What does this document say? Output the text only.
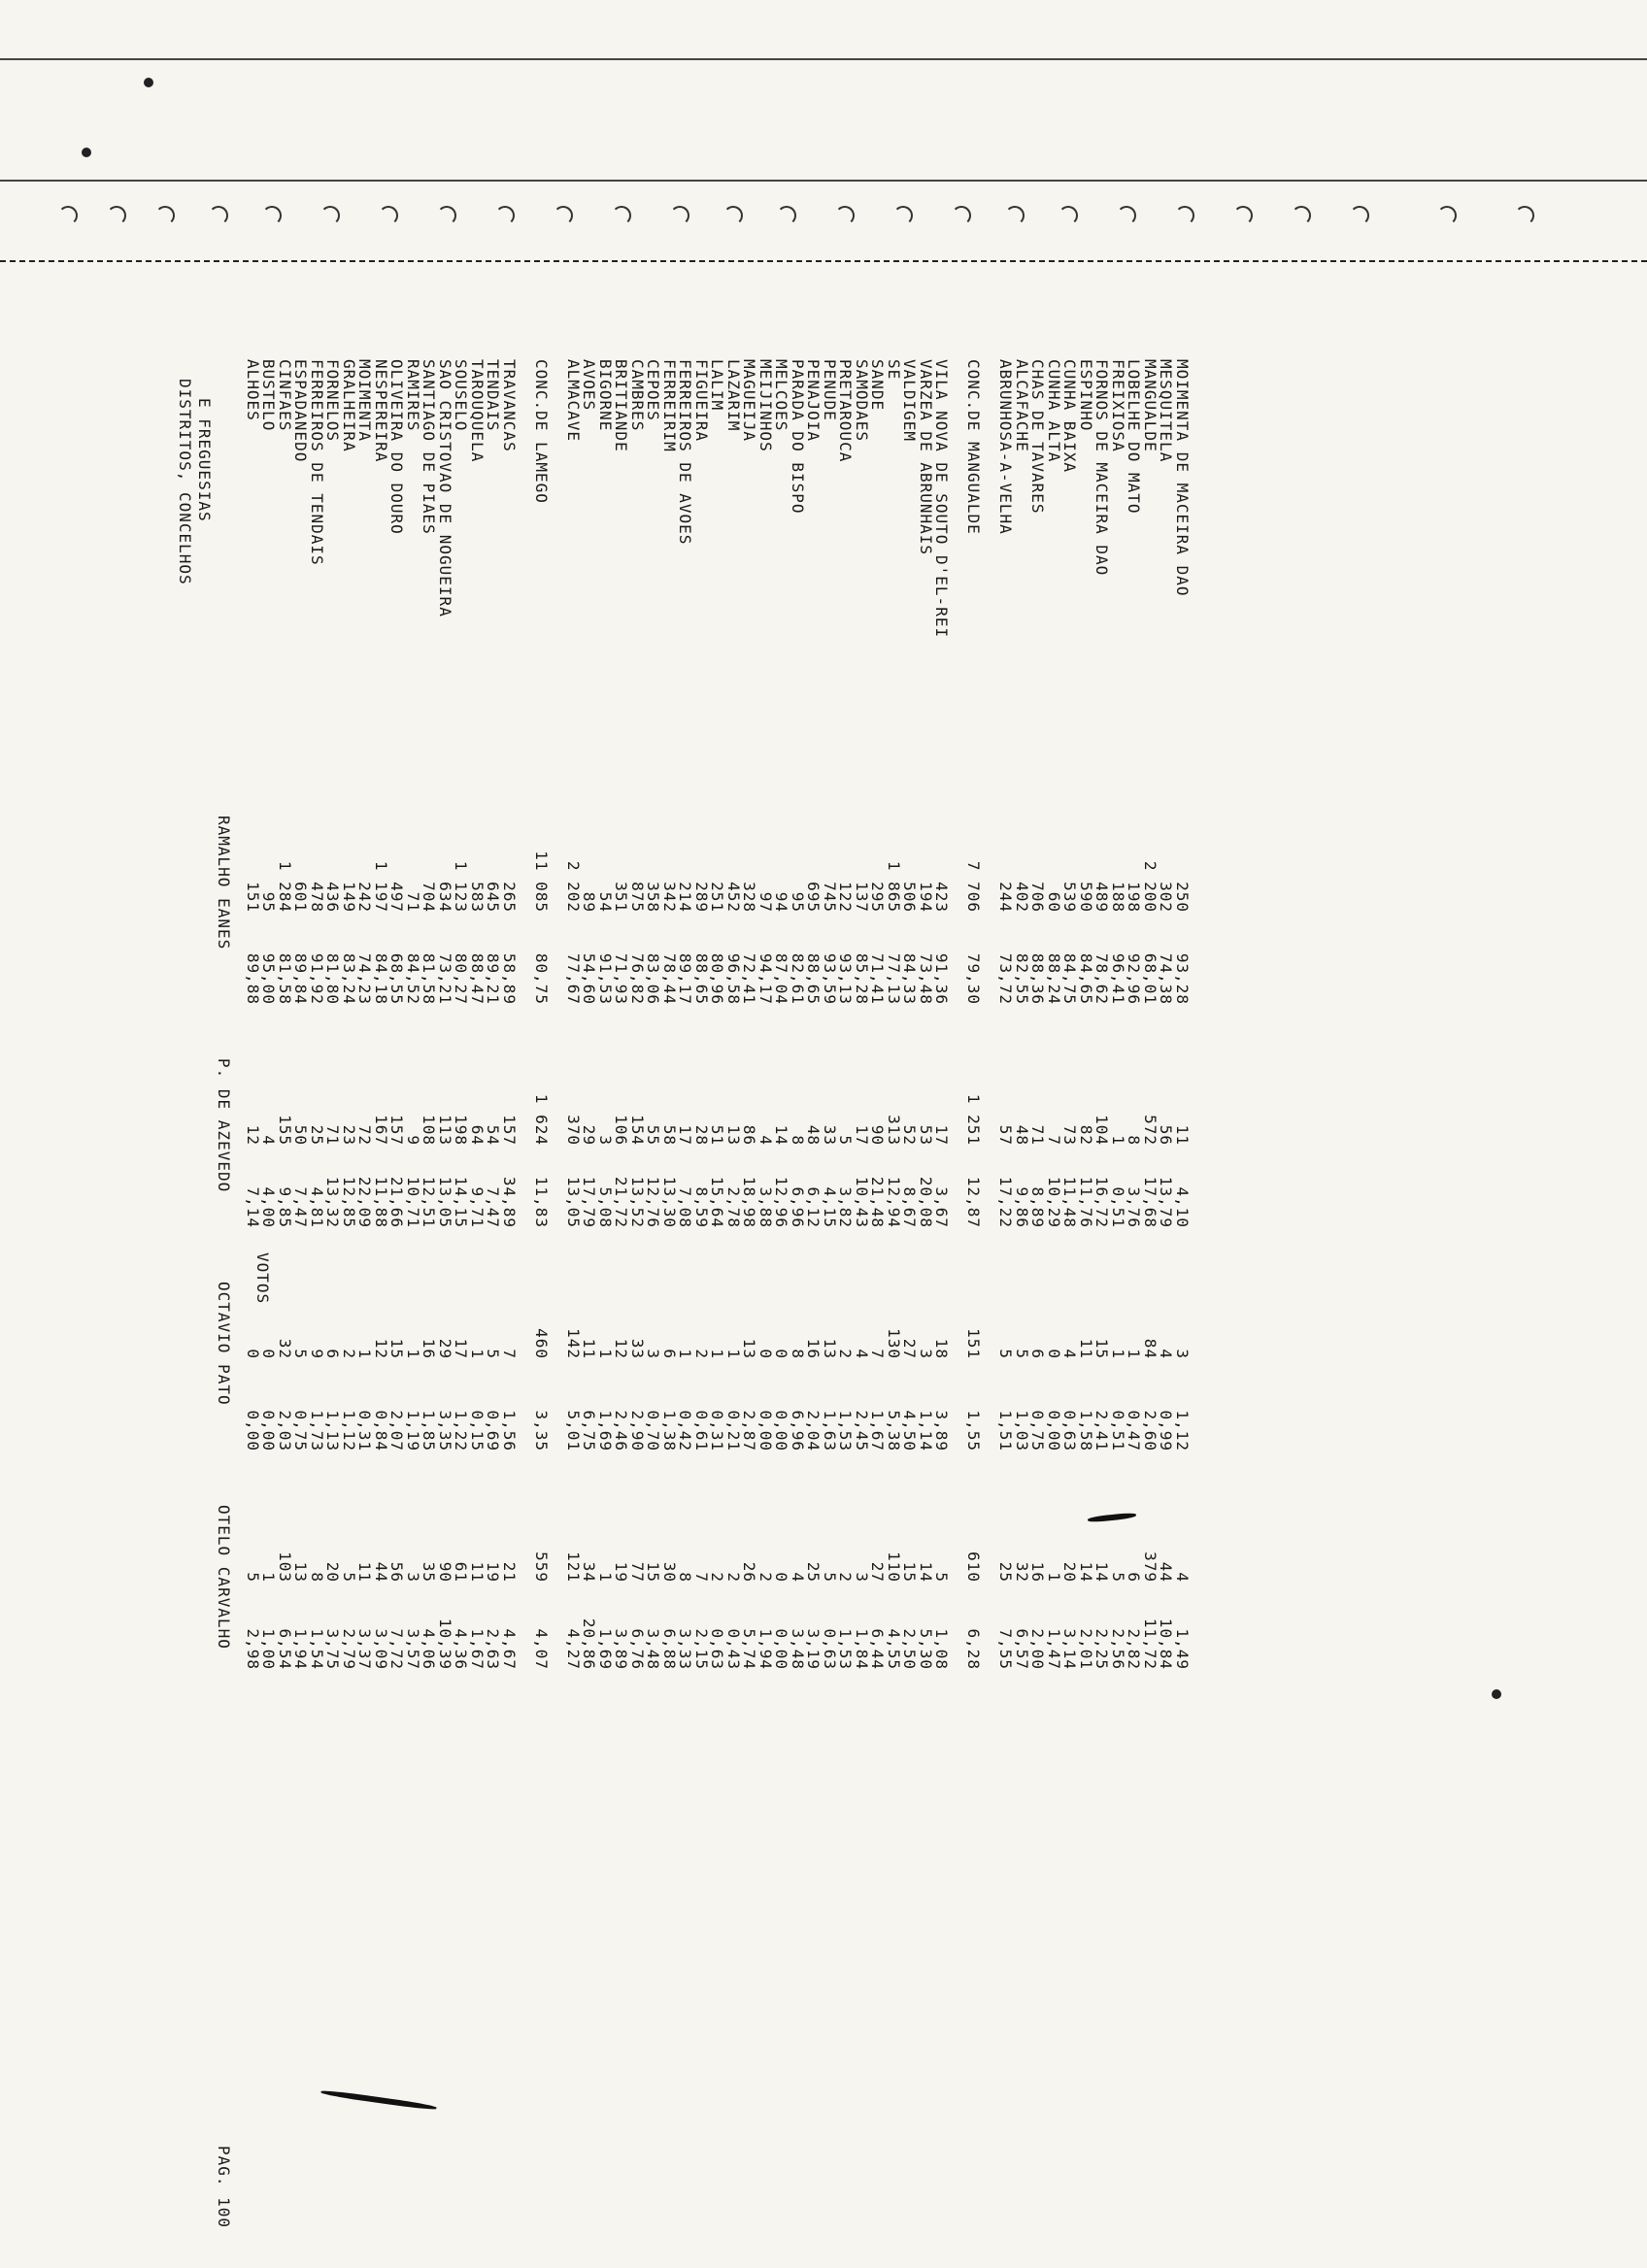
DISTRITOS, CONCELHOS E FREGUESIAS
VOTOS
PAG. 100
RAMALHO EANES
P. DE AZEVEDO
OCTAVIO PATO
OTELO CARVALHO
ALHOES
151
89,88
12
7,14
0
0,00
5
2,98
BUSTELO
95
95,00
4
4,00
0
0,00
1
1,00
CINFAES
1 284
81,58
155
9,85
32
2,03
103
6,54
ESPADANEDO
601
89,84
50
7,47
5
0,75
13
1,94
FERREIROS DE TENDAIS
478
91,92
25
4,81
9
1,73
8
1,54
FORNELOS
436
81,80
71
13,32
6
1,13
20
3,75
GRALHEIRA
149
83,24
23
12,85
2
1,12
5
2,79
MOIMENTA
242
74,23
72
22,09
1
0,31
11
3,37
NESPEREIRA
1 197
84,18
167
11,88
12
0,84
44
3,09
OLIVEIRA DO DOURO
497
68,55
157
21,66
15
2,07
56
7,72
RAMIRES
71
84,52
9
10,71
1
1,19
3
3,57
SANTIAGO DE PIAES
704
81,58
108
12,51
16
1,85
35
4,06
SAO CRISTOVAO DE NOGUEIRA
634
73,21
113
13,05
29
3,35
90
10,39
SOUSELO
1 123
80,27
198
14,15
17
1,22
61
4,36
TAROUQUELA
583
88,47
64
9,71
1
0,15
11
1,67
TENDAIS
645
89,21
54
7,47
5
0,69
19
2,63
TRAVANCAS
265
58,89
157
34,89
7
1,56
21
4,67
CONC.DE LAMEGO
11 085
80,75
1 624
11,83
460
3,35
559
4,07
ALMACAVE
2 202
77,67
370
13,05
142
5,01
121
4,27
AVOES
89
54,60
29
17,79
11
6,75
34
20,86
BIGORNE
54
91,53
3
5,08
1
1,69
1
1,69
BRITIANDE
351
71,93
106
21,72
12
2,46
19
3,89
CAMBRES
875
76,82
154
13,52
33
2,90
77
6,76
CEPOES
358
83,06
55
12,76
3
0,70
15
3,48
FERREIRIM
342
78,44
58
13,30
6
1,38
30
6,88
FERREIROS DE AVOES
214
89,17
17
7,08
1
0,42
8
3,33
FIGUEIRA
289
88,65
28
8,59
2
0,61
7
2,15
LALIM
251
80,96
51
15,64
1
0,31
2
0,63
LAZARIM
452
96,58
13
2,78
1
0,21
2
0,43
MAGUEIJA
328
72,41
86
18,98
13
2,87
26
5,74
MEIJINHOS
97
94,17
4
3,88
0
0,00
2
1,94
MELCOES
94
87,04
14
12,96
0
0,00
0
0,00
PARADA DO BISPO
95
82,61
8
6,96
8
6,96
4
3,48
PENAJOIA
695
88,65
48
6,12
16
2,04
25
3,19
PENUDE
745
93,59
33
4,15
13
1,63
5
0,63
PRETAROUCA
122
93,13
5
3,82
2
1,53
2
1,53
SAMODAES
137
85,28
17
10,43
4
2,45
3
1,84
SANDE
295
71,41
90
21,48
7
1,67
27
6,44
SE
1 865
77,13
313
12,94
130
5,38
110
4,55
VALDIGEM
506
84,33
52
8,67
27
4,50
15
2,50
VARZEA DE ABRUNHAIS
194
73,48
53
20,08
3
1,14
14
5,30
VILA NOVA DE SOUTO D'EL-REI
423
91,36
17
3,67
18
3,89
5
1,08
CONC.DE MANGUALDE
7 706
79,30
1 251
12,87
151
1,55
610
6,28
ABRUNHOSA-A-VELHA
244
73,72
57
17,22
5
1,51
25
7,55
ALCAFACHE
402
82,55
48
9,86
5
1,03
32
6,57
CHAS DE TAVARES
706
88,36
71
8,89
6
0,75
16
2,00
CUNHA ALTA
60
88,24
7
10,29
0
0,00
1
1,47
CUNHA BAIXA
539
84,75
73
11,48
4
0,63
20
3,14
ESPINHO
590
84,65
82
11,76
11
1,58
14
2,01
FORNOS DE MACEIRA DAO
489
78,62
104
16,72
15
2,41
14
2,25
FREIXIOSA
188
96,41
1
0,51
1
0,51
5
2,56
LOBELHE DO MATO
198
92,96
8
3,76
1
0,47
6
2,82
MANGUALDE
2 200
68,01
572
17,68
84
2,60
379
11,72
MESQUITELA
302
74,38
56
13,79
4
0,99
44
10,84
MOIMENTA DE MACEIRA DAO
250
93,28
11
4,10
3
1,12
4
1,49
